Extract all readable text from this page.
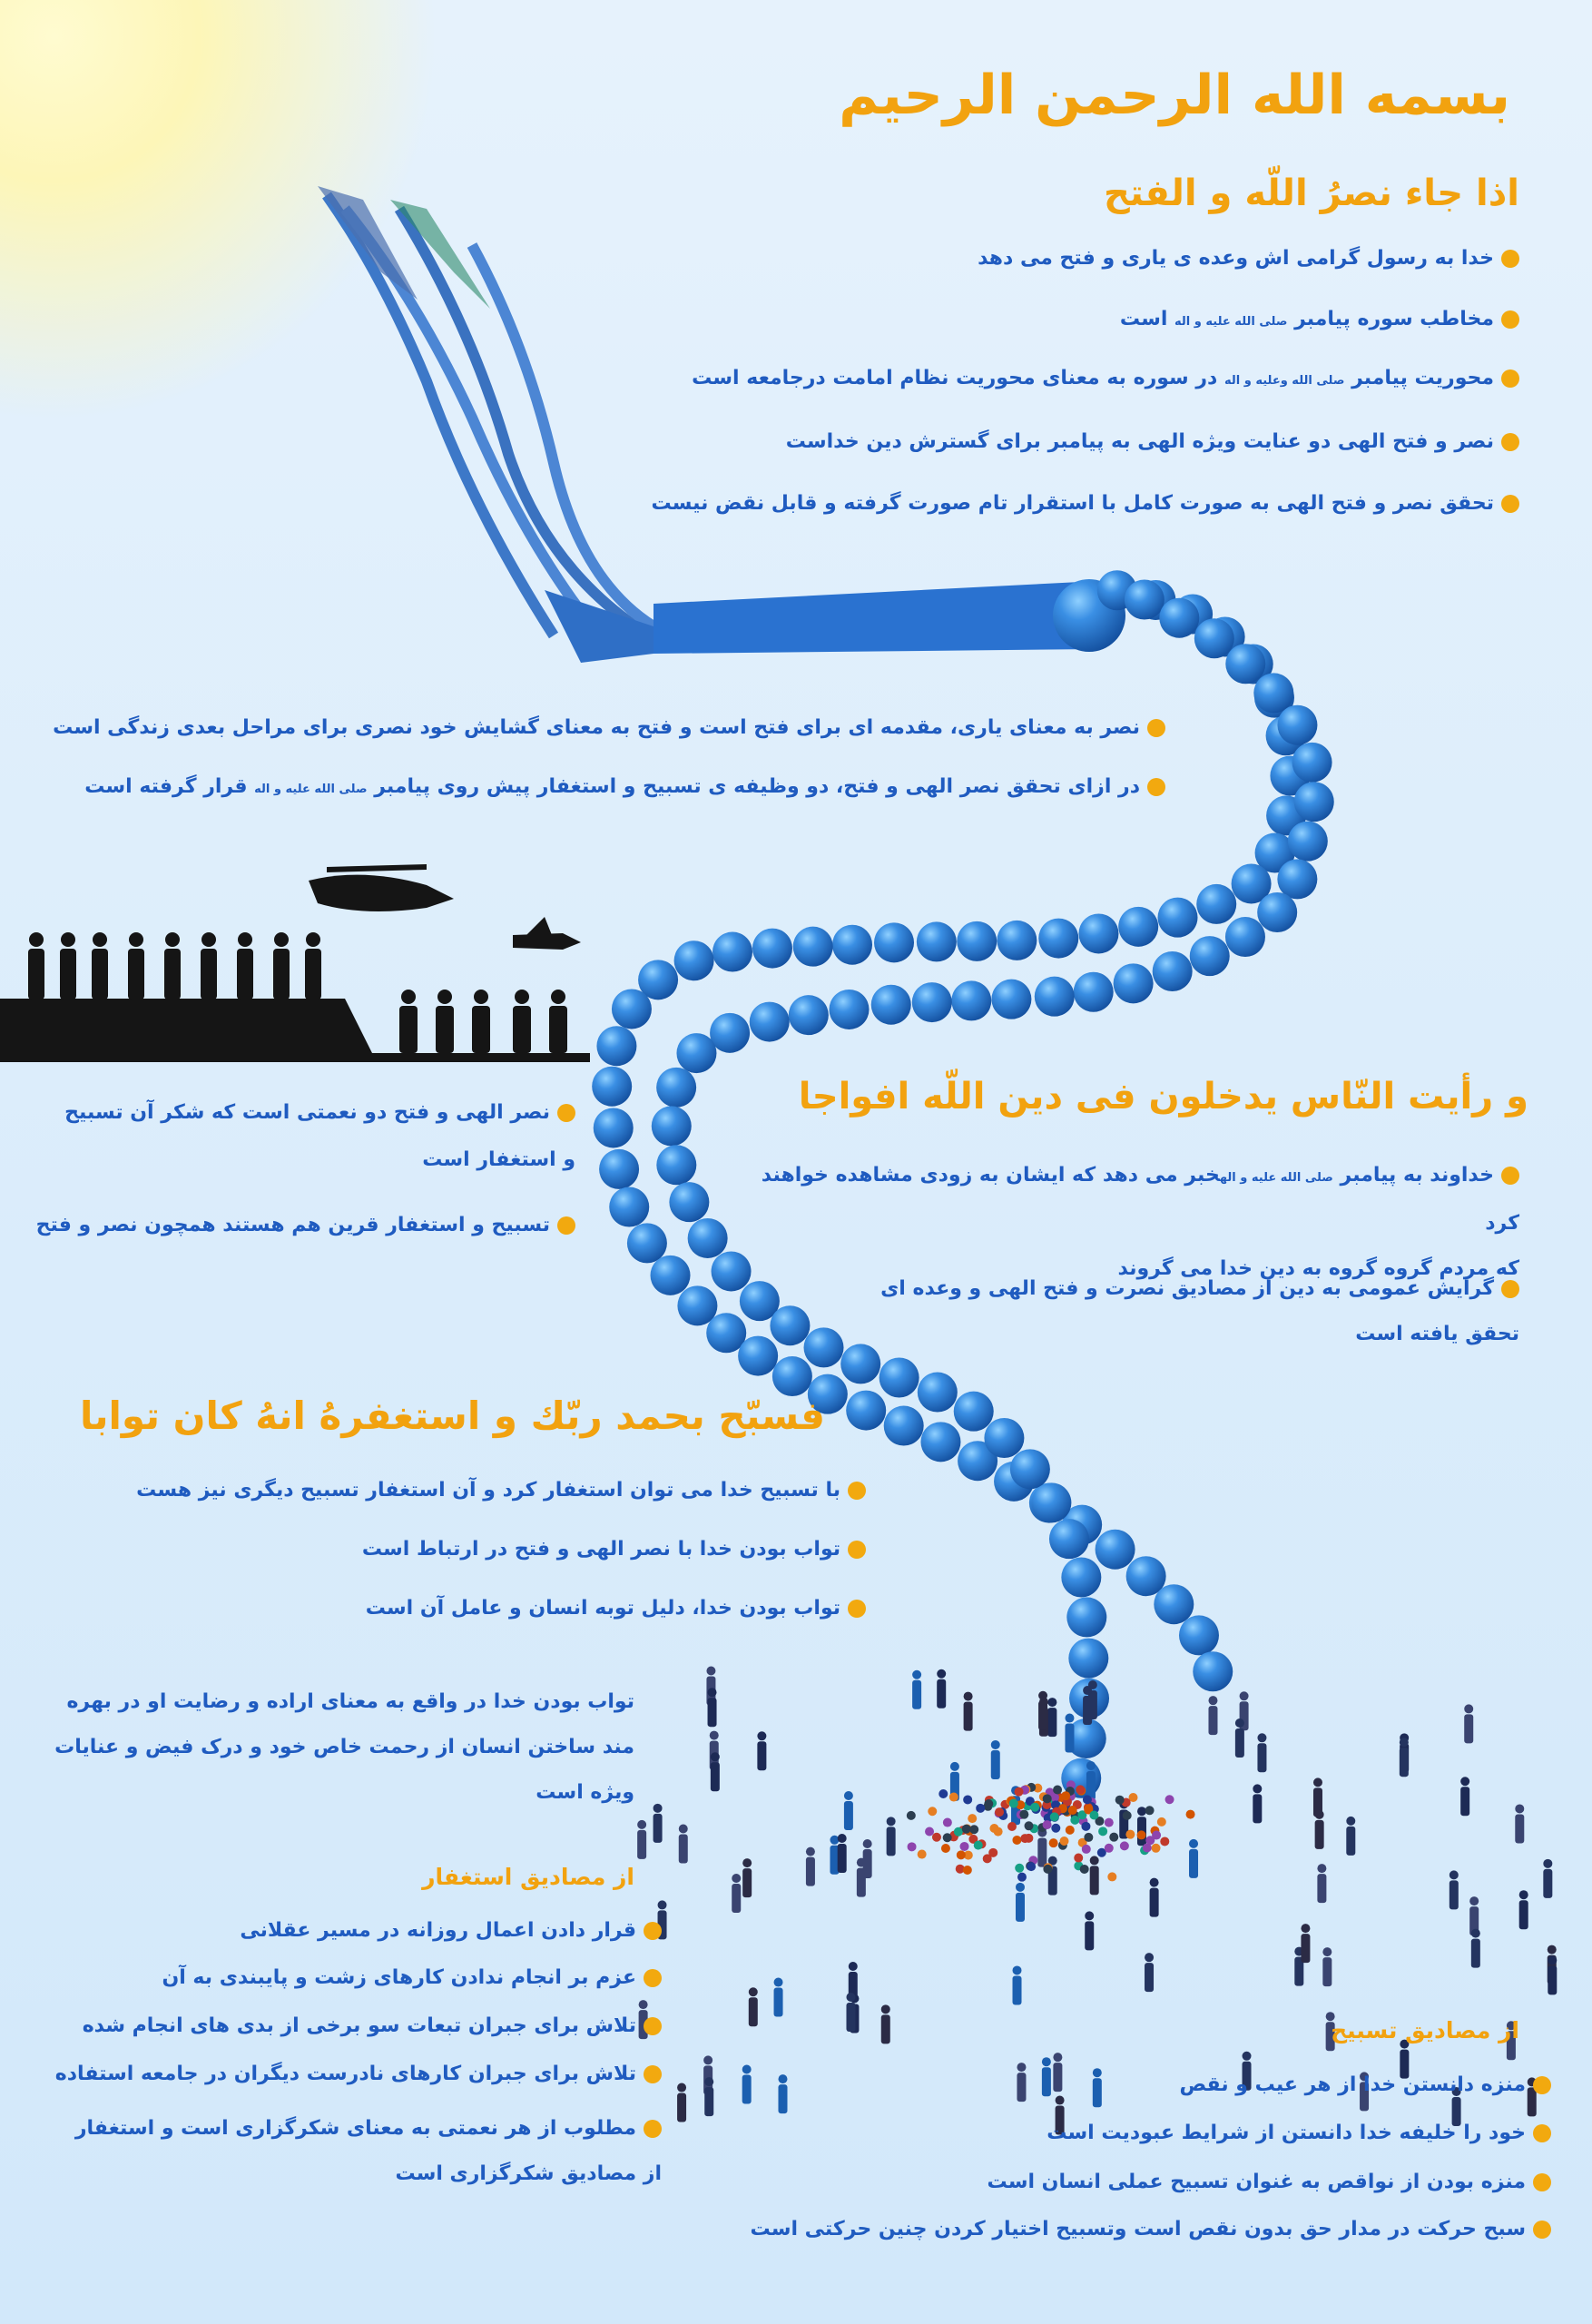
بسمه الله الرحمن الرحیم
اذا جاء نصرُ اللّه و الفتح
خدا به رسول گرامی اش وعده ی یاری و فتح می دهد
مخاطب سوره پیامبر صلی الله علیه و اله است
محوریت پیامبر صلی الله وعلیه و اله در سوره به معنای محوریت نظام امامت درجامعه است
نصر و فتح الهی دو عنایت ویژه الهی به پیامبر برای گسترش دین خداست
تحقق نصر و فتح الهی به صورت کامل با استقرار تام صورت گرفته و قابل نقض نیست
نصر به معنای یاری، مقدمه ای برای فتح است و فتح به معنای گشایش خود نصری برای مراحل بعدی زندگی است
در ازای تحقق نصر الهی و فتح، دو وظیفه ی تسبیح و استغفار پیش روی پیامبر صلی الله علیه و اله قرار گرفته است
نصر الهی و فتح دو نعمتی است که شکر آن تسبیح و استغفار است
تسبیح و استغفار قرین هم هستند همچون نصر و فتح
و رأیت النّاس یدخلون فی دین اللّه افواجا
خداوند به پیامبر صلی الله علیه و الهخبر می دهد که ایشان به زودی مشاهده خواهند کرد
که مردم گروه گروه به دین خدا می گروند
گرایش عمومی به دین از مصادیق نصرت و فتح الهی و وعده ای
تحقق یافته است
فسبّح بحمد ربّك و استغفرهُ انهُ كان توابا
با تسبیح خدا می توان استغفار کرد و آن استغفار تسبیح دیگری نیز هست
تواب بودن خدا با نصر الهی و فتح در ارتباط است
تواب بودن خدا، دلیل توبه انسان و عامل آن است
تواب بودن خدا در واقع به معنای اراده و رضایت او در بهره مند ساختن انسان از رحمت خاص خود و درک فیض و عنایات ویژه است
از مصادیق استغفار
قرار دادن اعمال روزانه در مسیر عقلانی
عزم بر انجام ندادن کارهای زشت و پایبندی به آن
تلاش برای جبران تبعات سو برخی از بدی های انجام شده
تلاش برای جبران کارهای نادرست دیگران در جامعه استفاده
مطلوب از هر نعمتی به معنای شکرگزاری است و استغفار از مصادیق شکرگزاری است
از مصادیق تسبیح
منزه دانستن خدا از هر عیب و نقص
خود را خلیفه خدا دانستن از شرایط عبودیت است
منزه بودن از نواقص به غنوان تسبیح عملی انسان است
سبح حرکت در مدار حق بدون نقص است وتسبیح اختیار کردن چنین حرکتی است
